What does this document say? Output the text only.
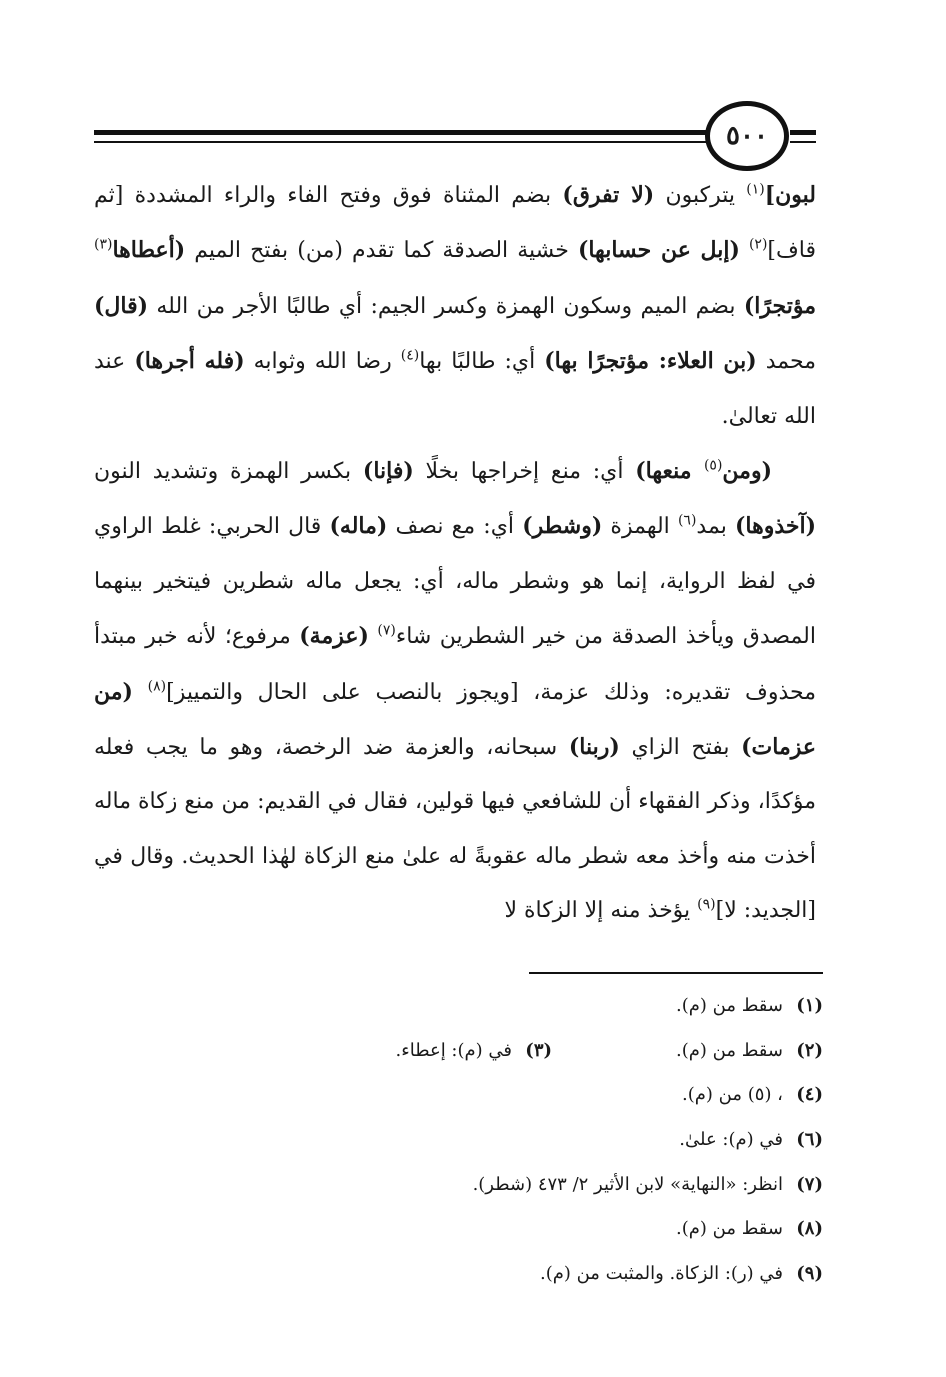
٥٠٠

لبون]$^{(١)}$ يتركبون (لا تفرق) بضم المثناة فوق وفتح الفاء والراء المشددة [ثم قاف]$^{(٢)}$ (إبل عن حسابها) خشية الصدقة كما تقدم (من) بفتح الميم (أعطاها$^{(٣)}$ مؤتجرًا) بضم الميم وسكون الهمزة وكسر الجيم: أي طالبًا الأجر من الله (قال) محمد (بن العلاء: مؤتجرًا بها) أي: طالبًا بها$^{(٤)}$ رضا الله وثوابه (فله أجرها) عند الله تعالىٰ.

(ومن$^{(٥)}$ منعها) أي: منع إخراجها بخلًا (فإنا) بكسر الهمزة وتشديد النون (آخذوها) بمد$^{(٦)}$ الهمزة (وشطر) أي: مع نصف (ماله) قال الحربي: غلط الراوي في لفظ الرواية، إنما هو وشطر ماله، أي: يجعل ماله شطرين فيتخير بينهما المصدق ويأخذ الصدقة من خير الشطرين شاء$^{(٧)}$ (عزمة) مرفوع؛ لأنه خبر مبتدأ محذوف تقديره: وذلك عزمة، [ويجوز بالنصب على الحال والتمييز]$^{(٨)}$ (من عزمات) بفتح الزاي (ربنا) سبحانه، والعزمة ضد الرخصة، وهو ما يجب فعله مؤكدًا، وذكر الفقهاء أن للشافعي فيها قولين، فقال في القديم: من منع زكاة ماله أخذت منه وأخذ معه شطر ماله عقوبةً له علىٰ منع الزكاة لهٰذا الحديث. وقال في [الجديد: لا]$^{(٩)}$ يؤخذ منه إلا الزكاة لا

(١)
سقط من (م).
(٢)
سقط من (م).
(٣)
في (م): إعطاء.
(٤)
، (٥) من (م).
(٦)
في (م): علىٰ.
(٧)
انظر: «النهاية» لابن الأثير ٢/ ٤٧٣ (شطر).
(٨)
سقط من (م).
(٩)
في (ر): الزكاة. والمثبت من (م).
